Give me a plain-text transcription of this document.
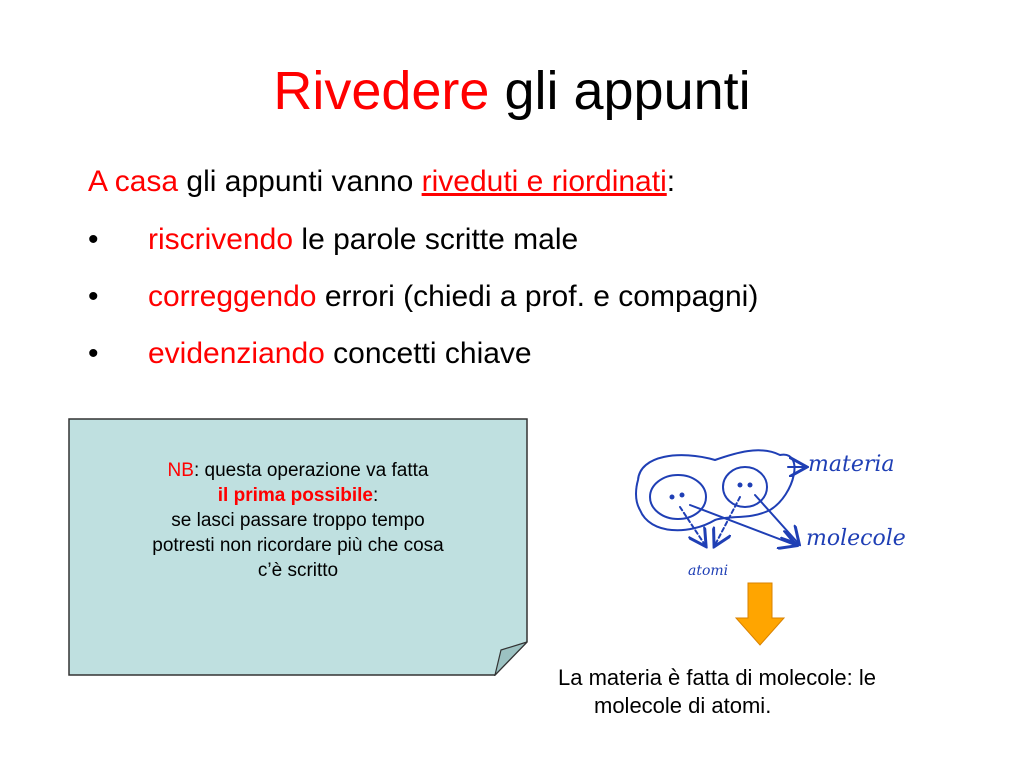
Rivedere gli appunti
A casa gli appunti vanno riveduti e riordinati:
•	riscrivendo le parole scritte male
•	correggendo errori (chiedi a prof. e compagni)
•	evidenziando concetti chiave
NB: questa operazione va fatta
il prima possibile:
se lasci passare troppo tempo
potresti non ricordare più che cosa
c’è scritto
materia
molecole
atomi
La materia è fatta di molecole: le
molecole di atomi.
